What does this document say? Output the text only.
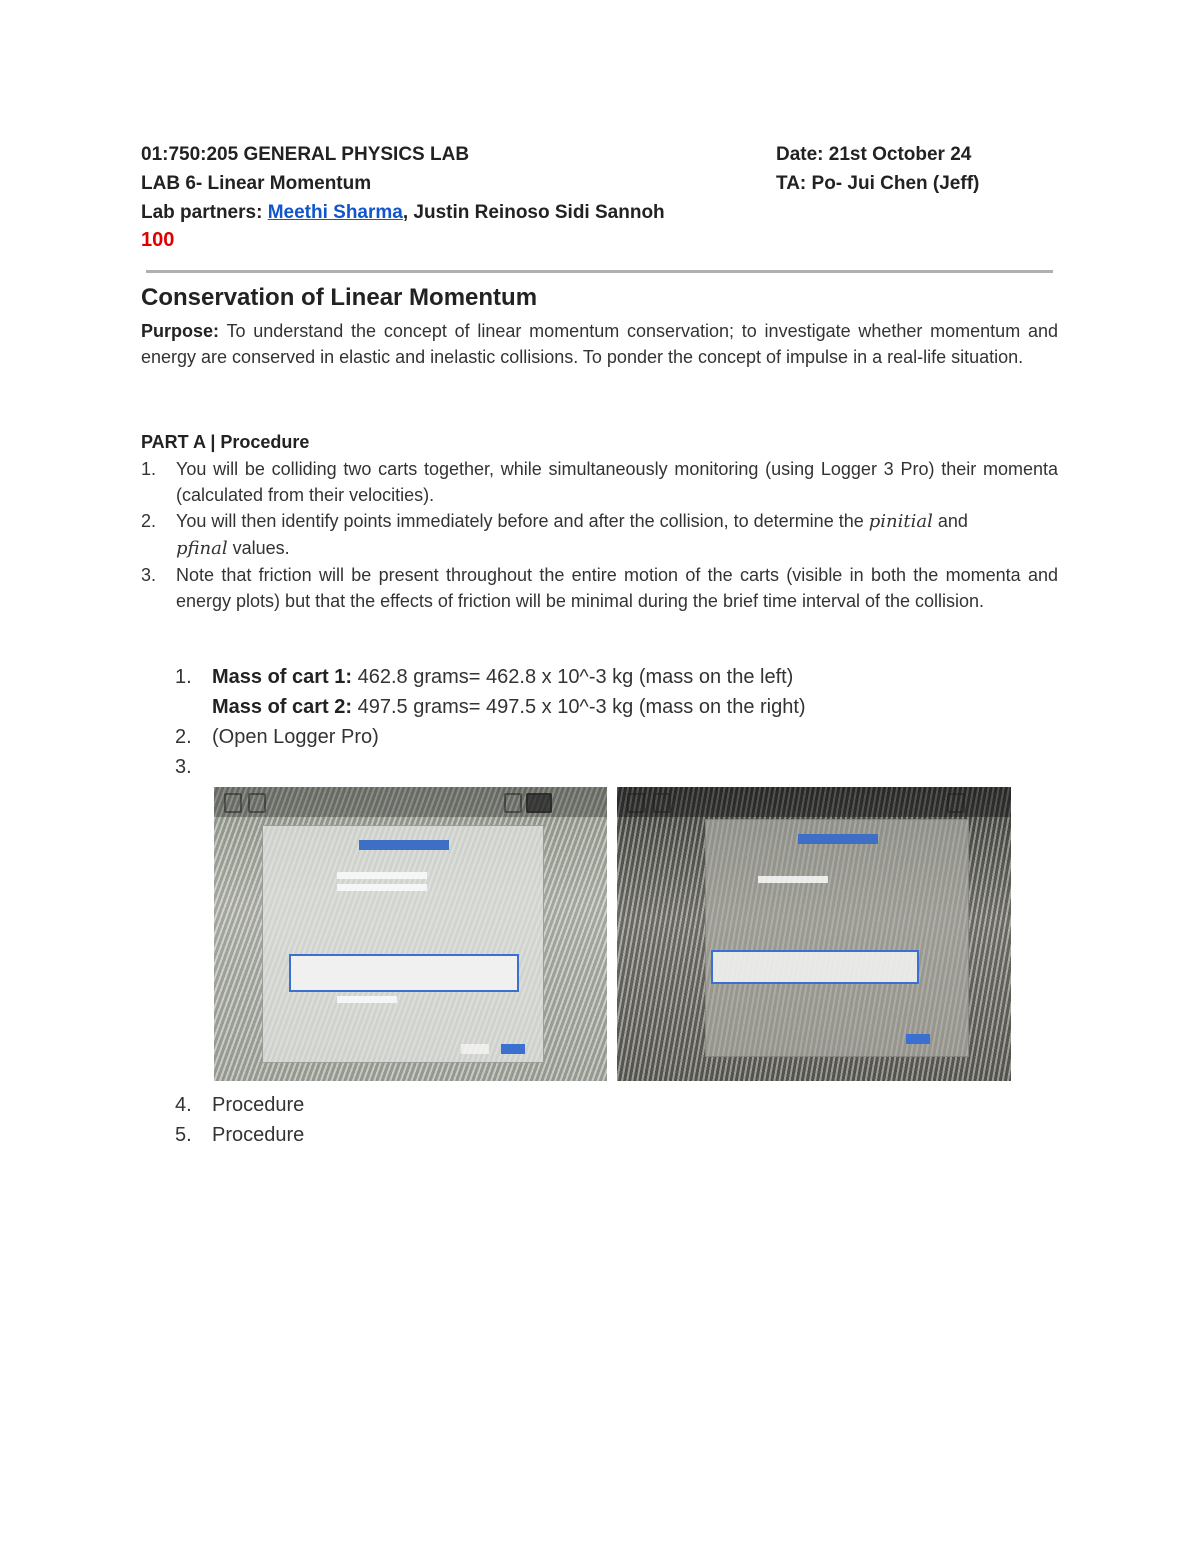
01:750:205 GENERAL PHYSICS LAB	Date: 21st October 24
LAB 6- Linear Momentum	TA: Po- Jui Chen (Jeff)
Lab partners: Meethi Sharma, Justin Reinoso Sidi Sannoh
100
Conservation of Linear Momentum
Purpose: To understand the concept of linear momentum conservation; to investigate whether momentum and energy are conserved in elastic and inelastic collisions. To ponder the concept of impulse in a real-life situation.
PART A | Procedure
1.	You will be colliding two carts together, while simultaneously monitoring (using Logger 3 Pro) their momenta (calculated from their velocities).
2.	You will then identify points immediately before and after the collision, to determine the pinitial and
pfinal values.
3.	Note that friction will be present throughout the entire motion of the carts (visible in both the momenta and energy plots) but that the effects of friction will be minimal during the brief time interval of the collision.
1.	Mass of cart 1: 462.8 grams= 462.8 x 10^-3 kg (mass on the left)
Mass of cart 2: 497.5 grams= 497.5 x 10^-3 kg (mass on the right)
2.	(Open Logger Pro)
3.
4.	Procedure
5.	Procedure
